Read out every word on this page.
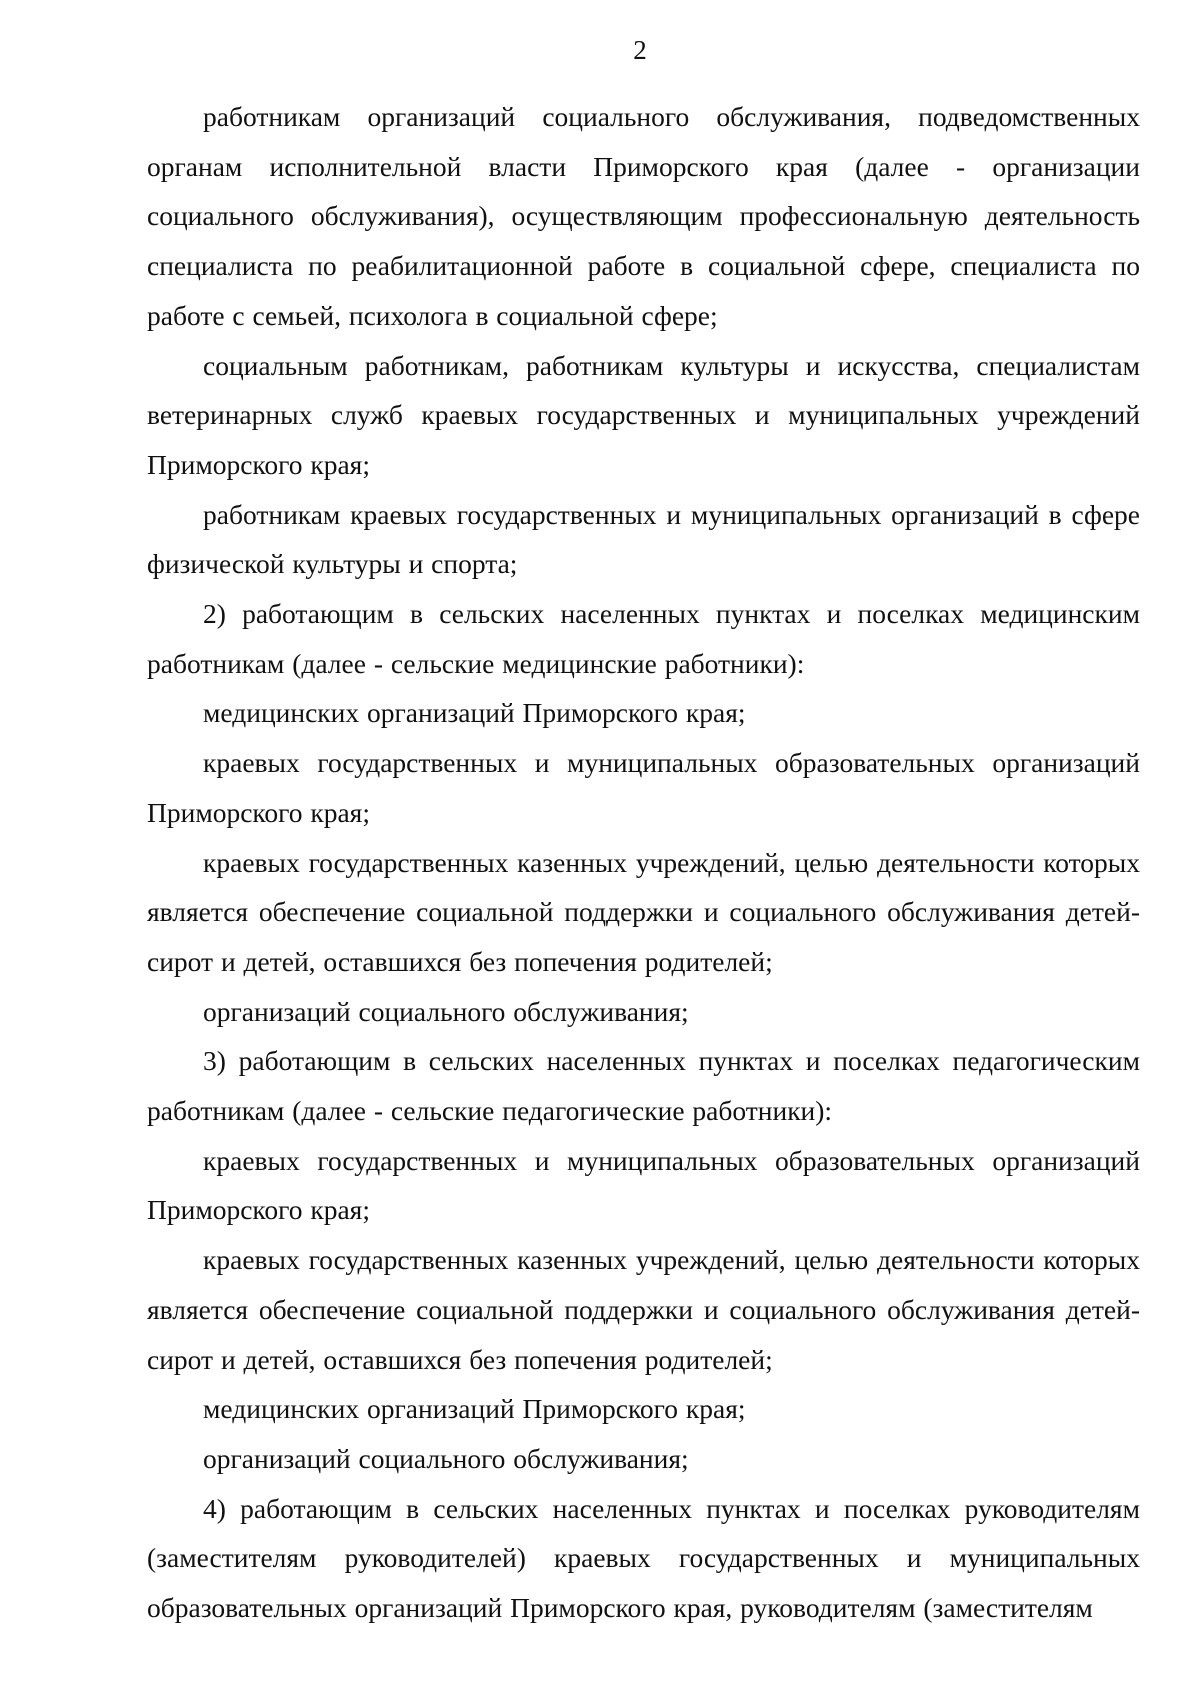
2

работникам организаций социального обслуживания, подведомственных органам исполнительной власти Приморского края (далее - организации социального обслуживания), осуществляющим профессиональную деятельность специалиста по реабилитационной работе в социальной сфере, специалиста по работе с семьей, психолога в социальной сфере;

социальным работникам, работникам культуры и искусства, специалистам ветеринарных служб краевых государственных и муниципальных учреждений Приморского края;

работникам краевых государственных и муниципальных организаций в сфере физической культуры и спорта;

2) работающим в сельских населенных пунктах и поселках медицинским работникам (далее - сельские медицинские работники):

медицинских организаций Приморского края;

краевых государственных и муниципальных образовательных организаций Приморского края;

краевых государственных казенных учреждений, целью деятельности которых является обеспечение социальной поддержки и социального обслуживания детей-сирот и детей, оставшихся без попечения родителей;

организаций социального обслуживания;

3) работающим в сельских населенных пунктах и поселках педагогическим работникам (далее - сельские педагогические работники):

краевых государственных и муниципальных образовательных организаций Приморского края;

краевых государственных казенных учреждений, целью деятельности которых является обеспечение социальной поддержки и социального обслуживания детей-сирот и детей, оставшихся без попечения родителей;

медицинских организаций Приморского края;

организаций социального обслуживания;

4) работающим в сельских населенных пунктах и поселках руководителям (заместителям руководителей) краевых государственных и муниципальных образовательных организаций Приморского края, руководителям (заместителям
